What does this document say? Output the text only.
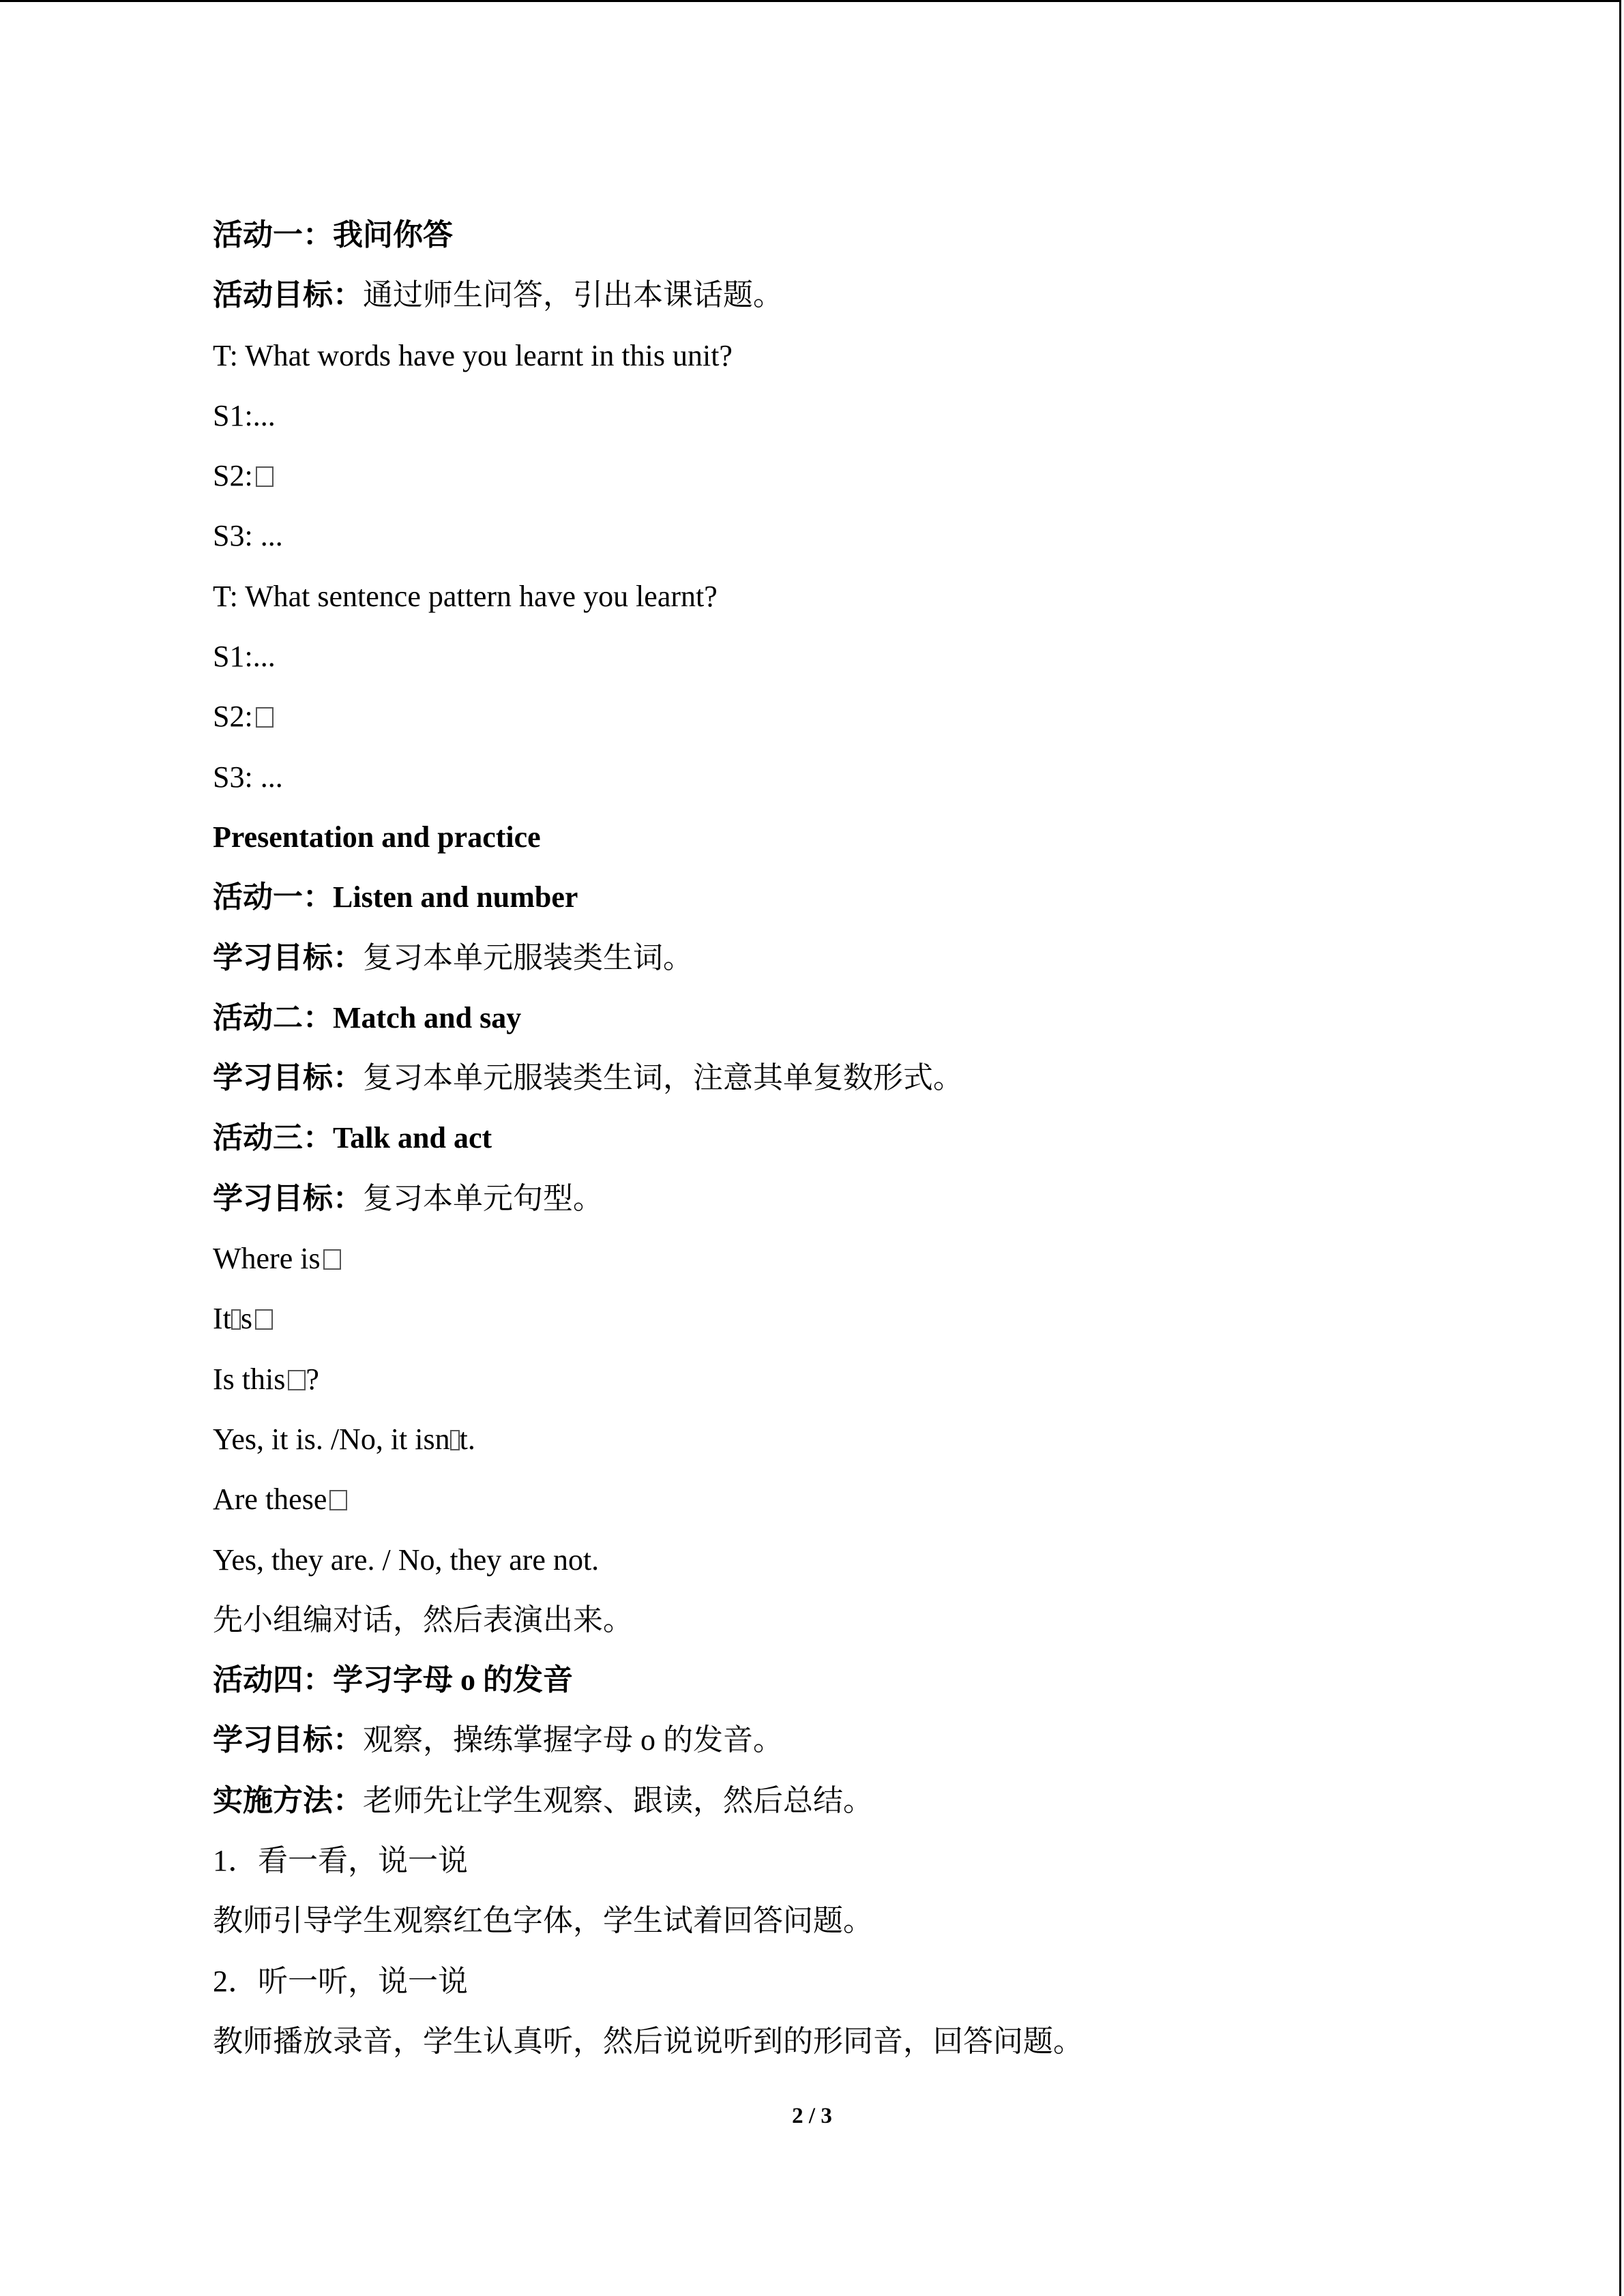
活动一：我问你答
活动目标：通过师生问答，引出本课话题。
T: What words have you learnt in this unit?
S1:...
S2:
S3: ...
T: What sentence pattern have you learnt?
S1:...
S2:
S3: ...
Presentation and practice
活动一：Listen and number
学习目标：复习本单元服装类生词。
活动二：Match and say
学习目标：复习本单元服装类生词，注意其单复数形式。
活动三：Talk and act
学习目标：复习本单元句型。
Where is
It s
Is this ?
Yes, it is. /No, it isn t.
Are these
Yes, they are. / No, they are not.
先小组编对话，然后表演出来。
活动四：学习字母 o 的发音
学习目标：观察，操练掌握字母 o 的发音。
实施方法：老师先让学生观察、跟读，然后总结。
1．看一看，说一说
教师引导学生观察红色字体，学生试着回答问题。
2．听一听，说一说
教师播放录音，学生认真听，然后说说听到的形同音，回答问题。
2 / 3
